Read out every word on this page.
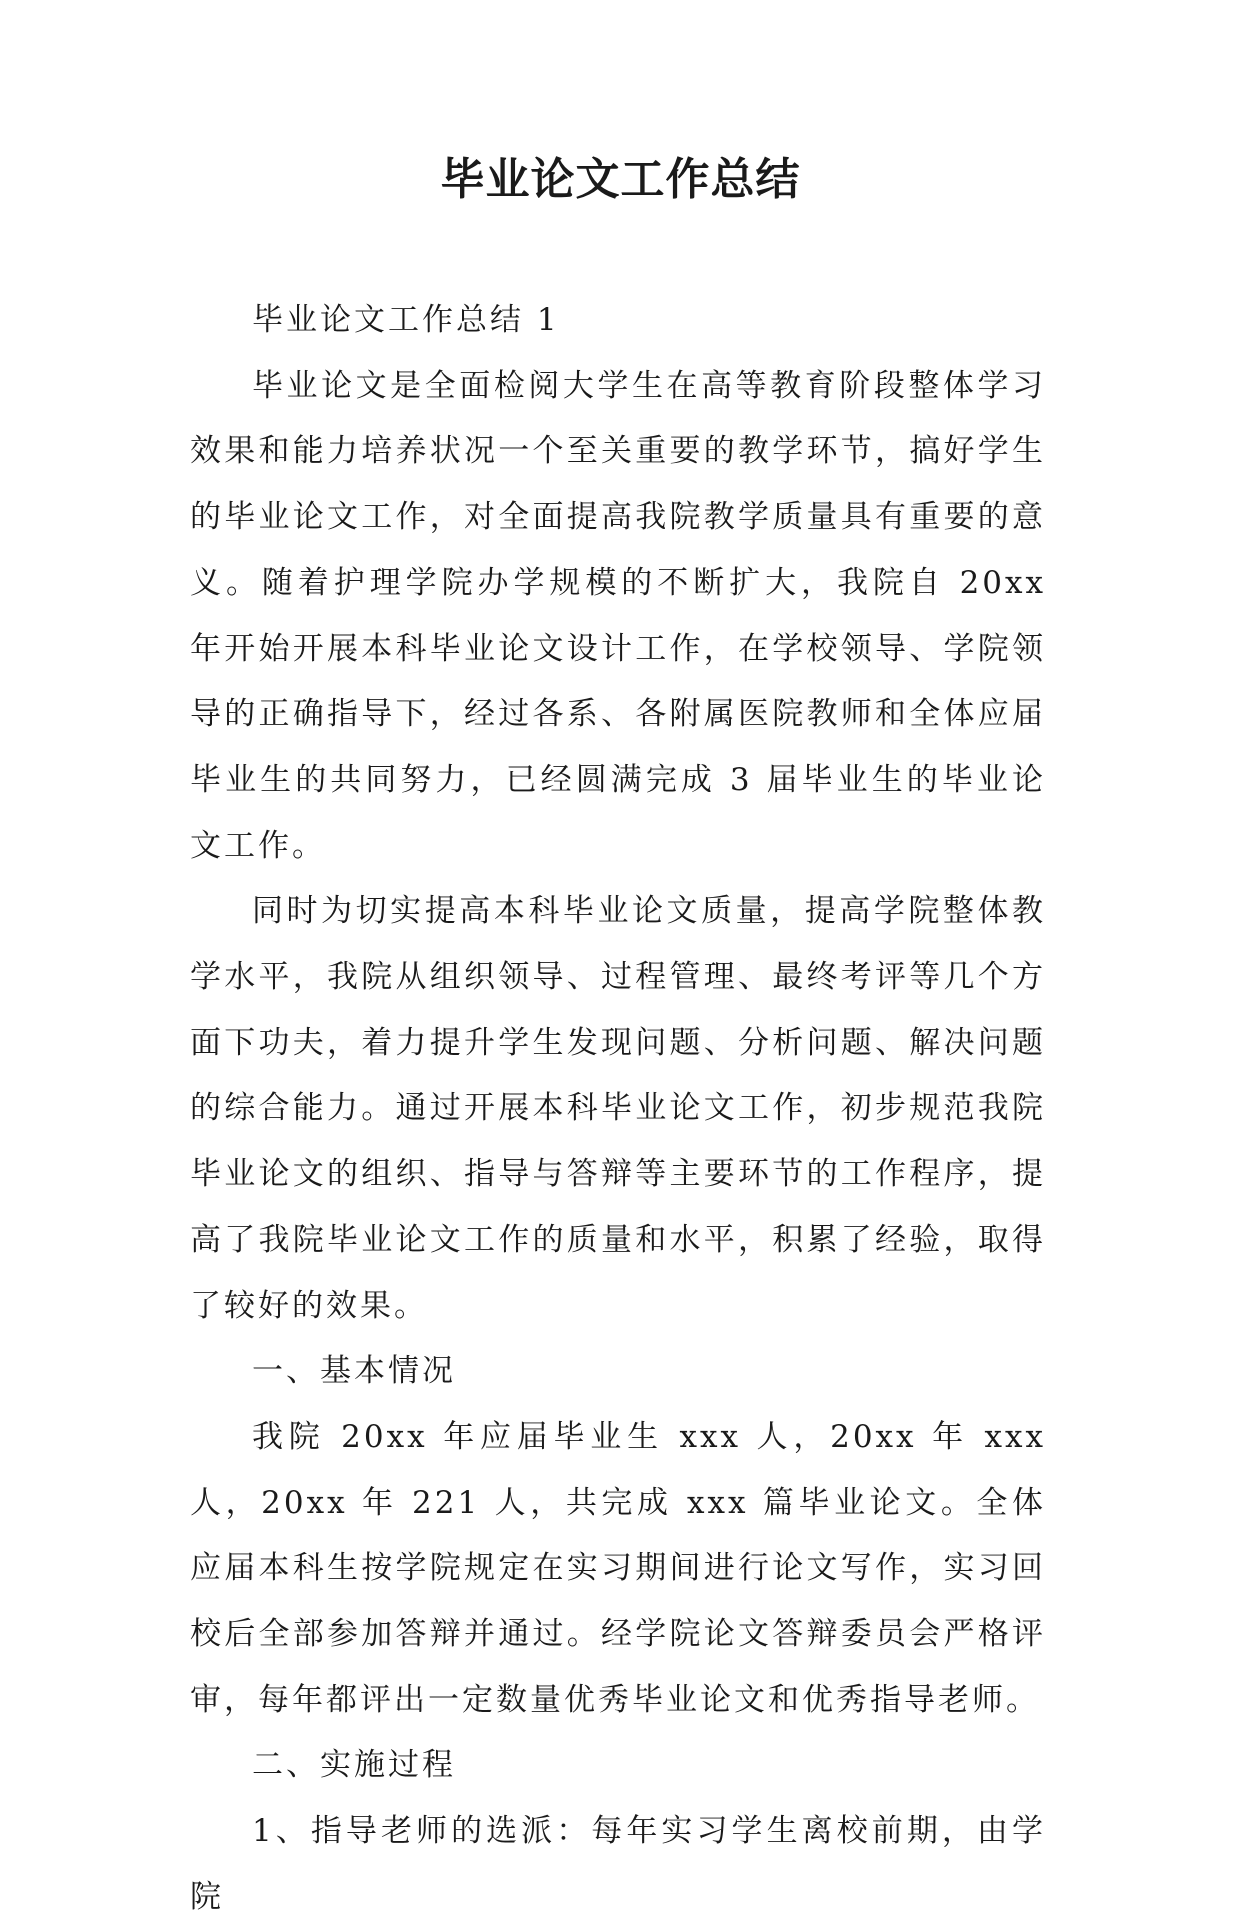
毕业论文工作总结

毕业论文工作总结 1

毕业论文是全面检阅大学生在高等教育阶段整体学习效果和能力培养状况一个至关重要的教学环节，搞好学生的毕业论文工作，对全面提高我院教学质量具有重要的意义。随着护理学院办学规模的不断扩大，我院自 20xx 年开始开展本科毕业论文设计工作，在学校领导、学院领导的正确指导下，经过各系、各附属医院教师和全体应届毕业生的共同努力，已经圆满完成 3 届毕业生的毕业论文工作。

同时为切实提高本科毕业论文质量，提高学院整体教学水平，我院从组织领导、过程管理、最终考评等几个方面下功夫，着力提升学生发现问题、分析问题、解决问题的综合能力。通过开展本科毕业论文工作，初步规范我院毕业论文的组织、指导与答辩等主要环节的工作程序，提高了我院毕业论文工作的质量和水平，积累了经验，取得了较好的效果。

一、基本情况

我院 20xx 年应届毕业生 xxx 人，20xx 年 xxx 人，20xx 年 221 人，共完成 xxx 篇毕业论文。全体应届本科生按学院规定在实习期间进行论文写作，实习回校后全部参加答辩并通过。经学院论文答辩委员会严格评审，每年都评出一定数量优秀毕业论文和优秀指导老师。

二、实施过程

1、指导老师的选派：每年实习学生离校前期，由学院
